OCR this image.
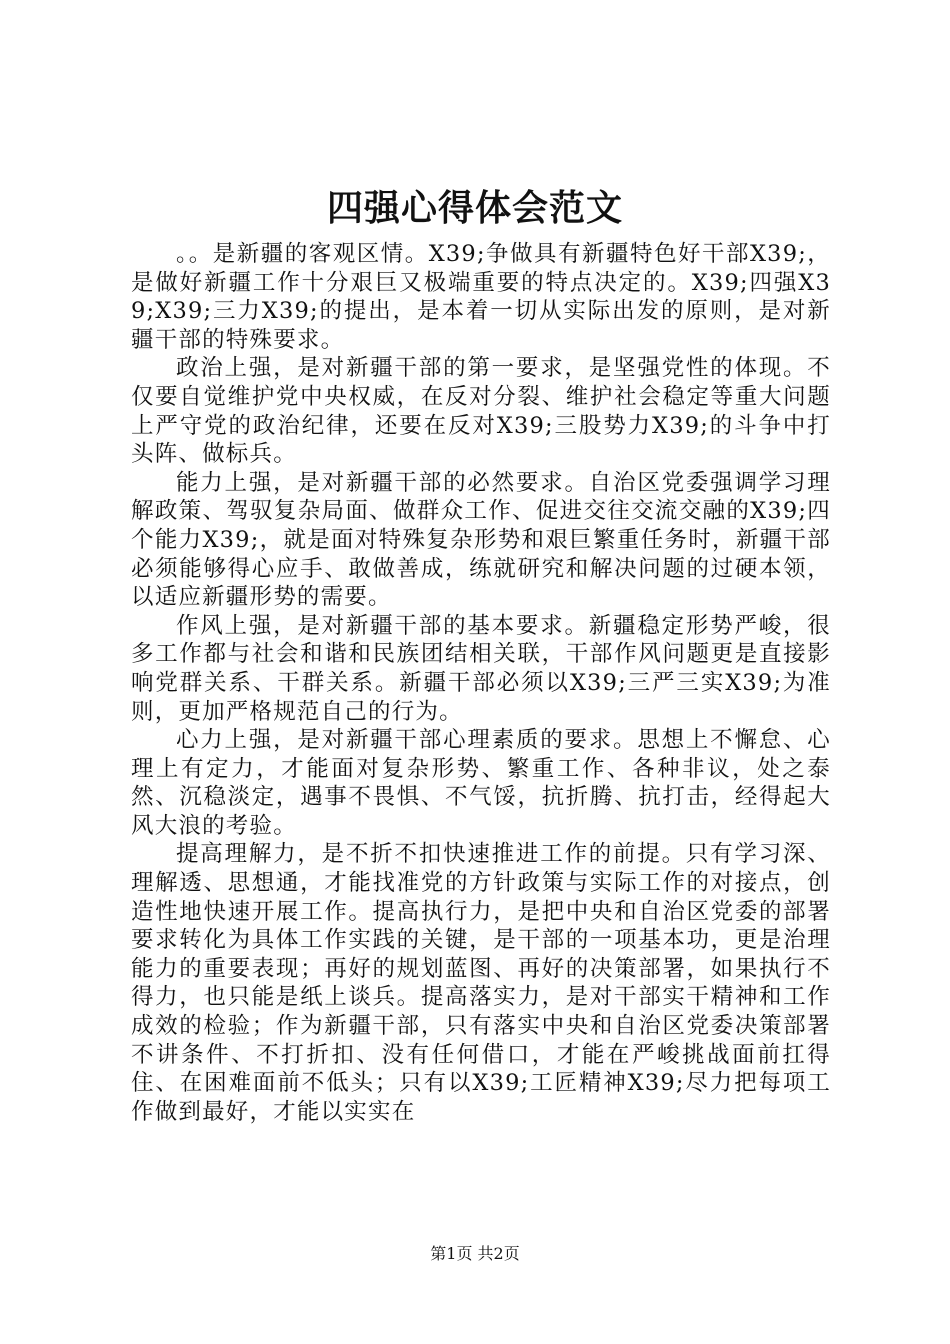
四强心得体会范文

。。是新疆的客观区情。X39;争做具有新疆特色好干部X39;，是做好新疆工作十分艰巨又极端重要的特点决定的。X39;四强X39;X39;三力X39;的提出，是本着一切从实际出发的原则，是对新疆干部的特殊要求。

政治上强，是对新疆干部的第一要求，是坚强党性的体现。不仅要自觉维护党中央权威，在反对分裂、维护社会稳定等重大问题上严守党的政治纪律，还要在反对X39;三股势力X39;的斗争中打头阵、做标兵。

能力上强，是对新疆干部的必然要求。自治区党委强调学习理解政策、驾驭复杂局面、做群众工作、促进交往交流交融的X39;四个能力X39;，就是面对特殊复杂形势和艰巨繁重任务时，新疆干部必须能够得心应手、敢做善成，练就研究和解决问题的过硬本领，以适应新疆形势的需要。

作风上强，是对新疆干部的基本要求。新疆稳定形势严峻，很多工作都与社会和谐和民族团结相关联，干部作风问题更是直接影响党群关系、干群关系。新疆干部必须以X39;三严三实X39;为准则，更加严格规范自己的行为。

心力上强，是对新疆干部心理素质的要求。思想上不懈怠、心理上有定力，才能面对复杂形势、繁重工作、各种非议，处之泰然、沉稳淡定，遇事不畏惧、不气馁，抗折腾、抗打击，经得起大风大浪的考验。

提高理解力，是不折不扣快速推进工作的前提。只有学习深、理解透、思想通，才能找准党的方针政策与实际工作的对接点，创造性地快速开展工作。提高执行力，是把中央和自治区党委的部署要求转化为具体工作实践的关键，是干部的一项基本功，更是治理能力的重要表现；再好的规划蓝图、再好的决策部署，如果执行不得力，也只能是纸上谈兵。提高落实力，是对干部实干精神和工作成效的检验；作为新疆干部，只有落实中央和自治区党委决策部署不讲条件、不打折扣、没有任何借口，才能在严峻挑战面前扛得住、在困难面前不低头；只有以X39;工匠精神X39;尽力把每项工作做到最好，才能以实实在

第1页 共2页
